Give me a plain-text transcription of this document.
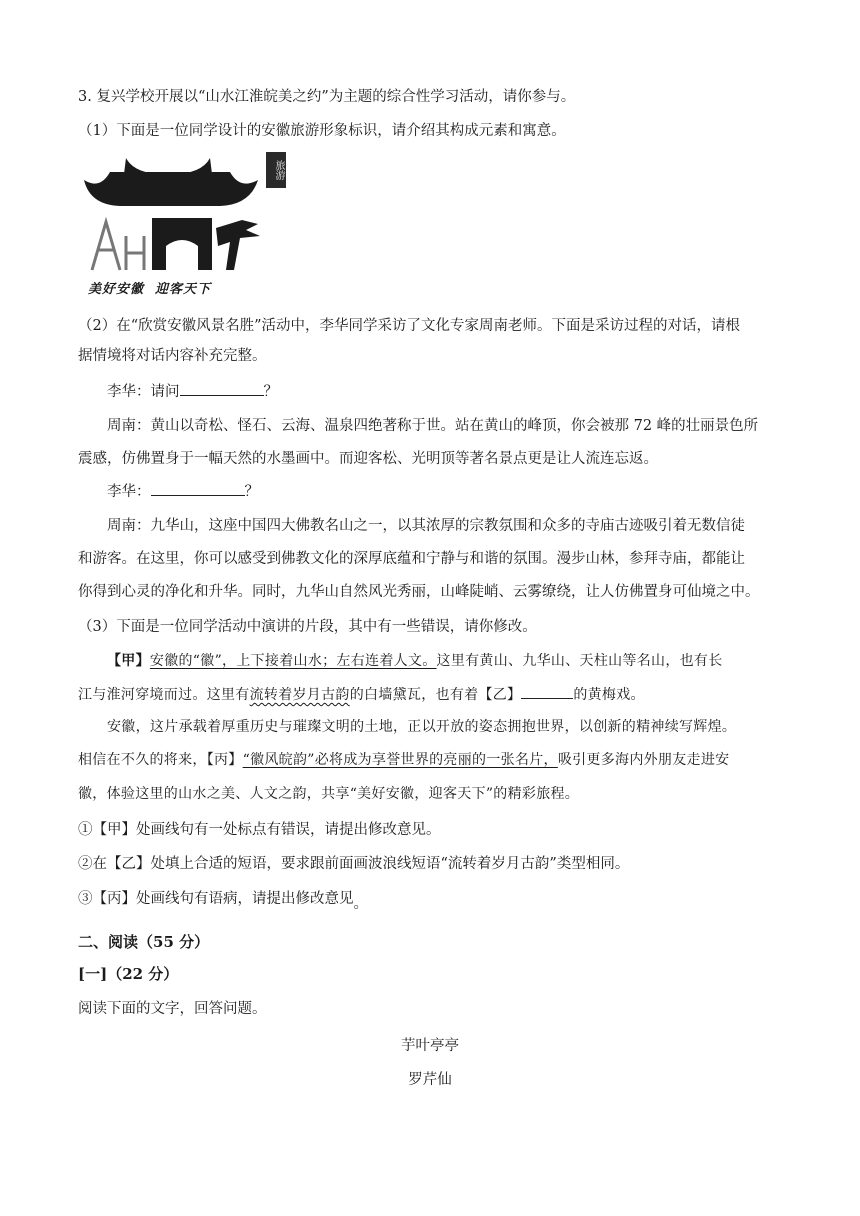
3. 复兴学校开展以“山水江淮皖美之约”为主题的综合性学习活动，请你参与。
（1）下面是一位同学设计的安徽旅游形象标识，请介绍其构成元素和寓意。
美好安徽  迎客天下
旅游
（2）在“欣赏安徽风景名胜”活动中，李华同学采访了文化专家周南老师。下面是采访过程的对话，请根
据情境将对话内容补充完整。
李华：请问	？
周南：黄山以奇松、怪石、云海、温泉四绝著称于世。站在黄山的峰顶，你会被那 72 峰的壮丽景色所
震感，仿佛置身于一幅天然的水墨画中。而迎客松、光明顶等著名景点更是让人流连忘返。
李华：	？
周南：九华山，这座中国四大佛教名山之一，以其浓厚的宗教氛围和众多的寺庙古迹吸引着无数信徒
和游客。在这里，你可以感受到佛教文化的深厚底蕴和宁静与和谐的氛围。漫步山林，参拜寺庙，都能让
你得到心灵的净化和升华。同时，九华山自然风光秀丽，山峰陡峭、云雾缭绕，让人仿佛置身可仙境之中。
（3）下面是一位同学活动中演讲的片段，其中有一些错误，请你修改。
【甲】安徽的“徽”，上下接着山水；左右连着人文。这里有黄山、九华山、天柱山等名山，也有长
江与淮河穿境而过。这里有流转着岁月古韵的白墙黛瓦，也有着【乙】	的黄梅戏。
安徽，这片承载着厚重历史与璀璨文明的土地，正以开放的姿态拥抱世界，以创新的精神续写辉煌。
相信在不久的将来，【丙】“徽风皖韵”必将成为享誉世界的亮丽的一张名片，吸引更多海内外朋友走进安
徽，体验这里的山水之美、人文之韵，共享“美好安徽，迎客天下”的精彩旅程。
①【甲】处画线句有一处标点有错误，请提出修改意见。
②在【乙】处填上合适的短语，要求跟前面画波浪线短语“流转着岁月古韵”类型相同。
③【丙】处画线句有语病，请提出修改意见。
二、阅读（55 分）
[一]（22 分）
阅读下面的文字，回答问题。
芋叶亭亭
罗芹仙
